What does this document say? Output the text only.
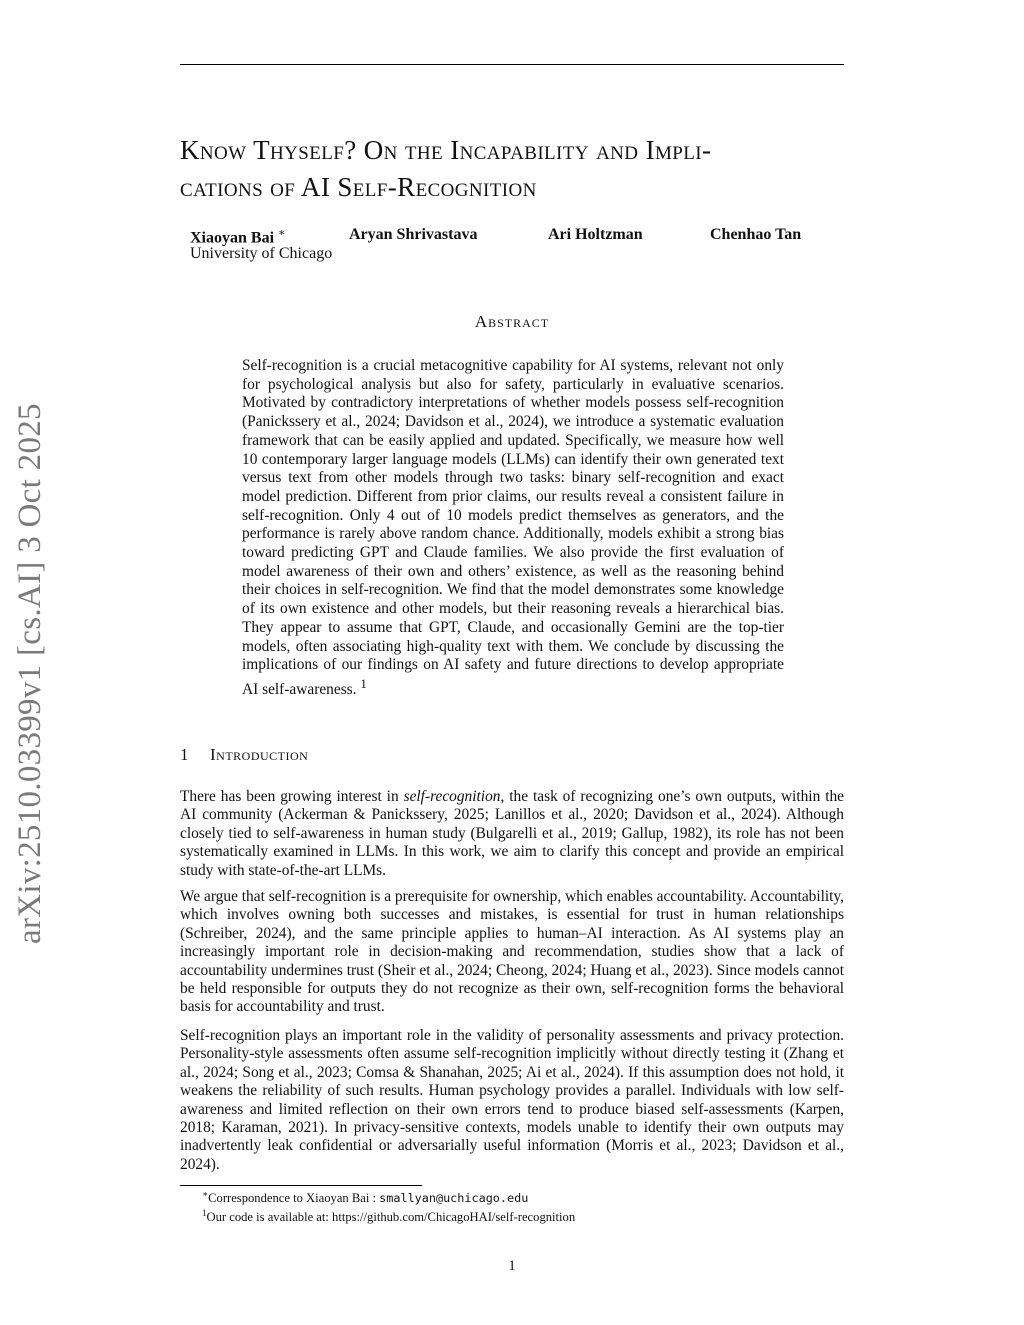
arXiv:2510.03399v1 [cs.AI] 3 Oct 2025
Know Thyself? On the Incapability and Impli-
cations of AI Self-Recognition
Xiaoyan Bai ∗	Aryan Shrivastava	Ari Holtzman	Chenhao Tan
University of Chicago
Abstract

Self-recognition is a crucial metacognitive capability for AI systems, relevant not only for psychological analysis but also for safety, particularly in evaluative scenarios. Motivated by contradictory interpretations of whether models possess self-recognition (Panickssery et al., 2024; Davidson et al., 2024), we introduce a systematic evaluation framework that can be easily applied and updated. Specifically, we measure how well 10 contemporary larger language models (LLMs) can identify their own generated text versus text from other models through two tasks: binary self-recognition and exact model prediction. Different from prior claims, our results reveal a consistent failure in self-recognition. Only 4 out of 10 models predict themselves as generators, and the performance is rarely above random chance. Additionally, models exhibit a strong bias toward predicting GPT and Claude families. We also provide the first evaluation of model awareness of their own and others’ existence, as well as the reasoning behind their choices in self-recognition. We find that the model demonstrates some knowledge of its own existence and other models, but their reasoning reveals a hierarchical bias. They appear to assume that GPT, Claude, and occasionally Gemini are the top-tier models, often associating high-quality text with them. We conclude by discussing the implications of our findings on AI safety and future directions to develop appropriate AI self-awareness. $^1$

1 Introduction

There has been growing interest in self-recognition, the task of recognizing one’s own outputs, within the AI community (Ackerman & Panickssery, 2025; Lanillos et al., 2020; Davidson et al., 2024). Although closely tied to self-awareness in human study (Bulgarelli et al., 2019; Gallup, 1982), its role has not been systematically examined in LLMs. In this work, we aim to clarify this concept and provide an empirical study with state-of-the-art LLMs.

We argue that self-recognition is a prerequisite for ownership, which enables accountability. Accountability, which involves owning both successes and mistakes, is essential for trust in human relationships (Schreiber, 2024), and the same principle applies to human–AI interaction. As AI systems play an increasingly important role in decision-making and recommendation, studies show that a lack of accountability undermines trust (Sheir et al., 2024; Cheong, 2024; Huang et al., 2023). Since models cannot be held responsible for outputs they do not recognize as their own, self-recognition forms the behavioral basis for accountability and trust.

Self-recognition plays an important role in the validity of personality assessments and privacy protection. Personality-style assessments often assume self-recognition implicitly without directly testing it (Zhang et al., 2024; Song et al., 2023; Comsa & Shanahan, 2025; Ai et al., 2024). If this assumption does not hold, it weakens the reliability of such results. Human psychology provides a parallel. Individuals with low self-awareness and limited reflection on their own errors tend to produce biased self-assessments (Karpen, 2018; Karaman, 2021). In privacy-sensitive contexts, models unable to identify their own outputs may inadvertently leak confidential or adversarially useful information (Morris et al., 2023; Davidson et al., 2024).

∗Correspondence to Xiaoyan Bai : smallyan@uchicago.edu
$^1$Our code is available at: https://github.com/ChicagoHAI/self-recognition
1
